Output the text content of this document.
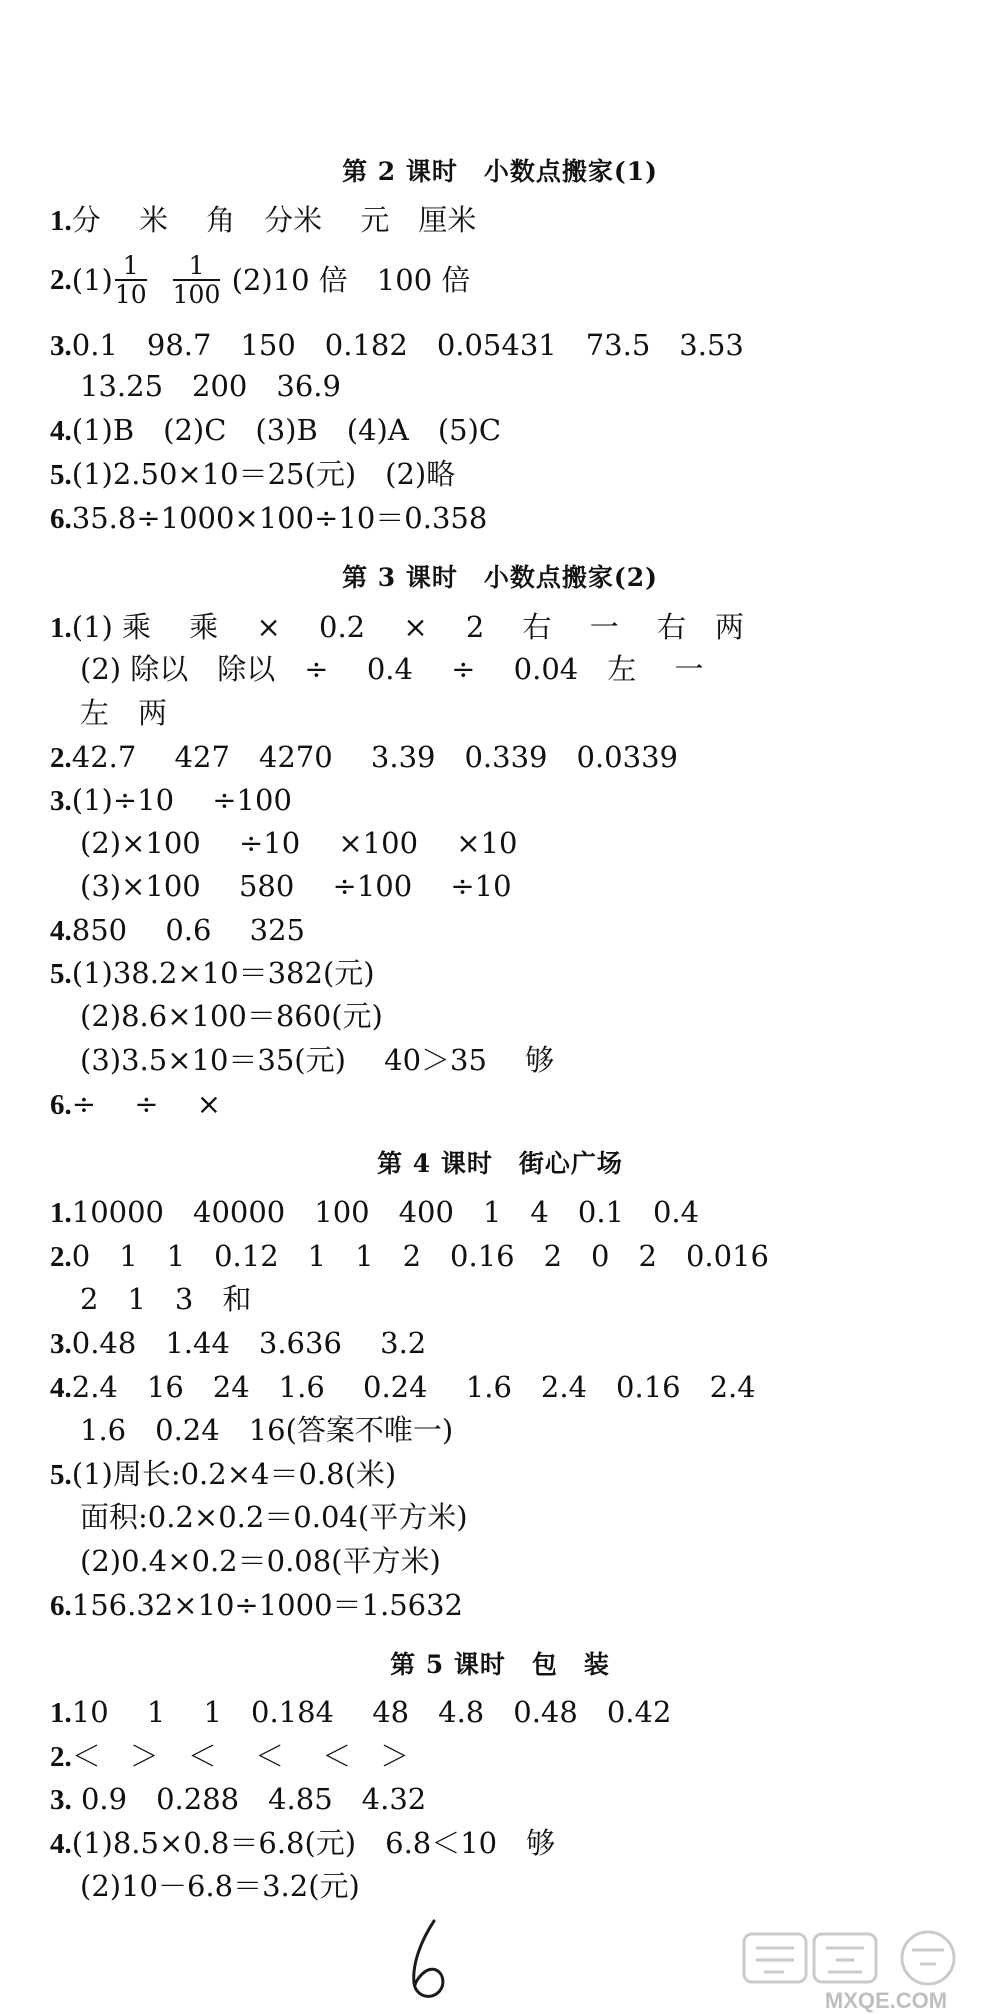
第 2 课时　小数点搬家(1)
1.分　 米　 角　分米　 元　厘米
2. $(1) \frac{1}{10} \frac{1}{100} (2)10$ 倍　100 倍
3.0.1　98.7　150　0.182　0.05431　73.5　3.53
13.25　200　36.9
4.(1)B　(2)C　(3)B　(4)A　(5)C
5.(1)2.50×10＝25(元)　(2)略
6.35.8÷1000×100÷10＝0.358
第 3 课时　小数点搬家(2)
1.(1) 乘　 乘　 ×　 0.2　 ×　 2　 右　 一　 右　两
(2) 除以　除以　÷　 0.4　 ÷　 0.04　左　 一
左　两
2.42.7　 427　4270　 3.39　0.339　0.0339
3.(1)÷10　 ÷100
(2)×100　 ÷10　 ×100　 ×10
(3)×100　 580　 ÷100　 ÷10
4.850　 0.6　 325
5.(1)38.2×10＝382(元)
(2)8.6×100＝860(元)
(3)3.5×10＝35(元)　 40＞35　 够
6.÷　 ÷　 ×
第 4 课时　街心广场
1.10000　40000　100　400　1　4　0.1　0.4
2.0　1　1　0.12　1　1　2　0.16　2　0　2　0.016
2　1　3　和
3.0.48　1.44　3.636　 3.2
4.2.4　16　24　1.6　 0.24　 1.6　2.4　0.16　2.4
1.6　0.24　16(答案不唯一)
5.(1)周长:0.2×4＝0.8(米)
面积:0.2×0.2＝0.04(平方米)
(2)0.4×0.2＝0.08(平方米)
6.156.32×10÷1000＝1.5632
第 5 课时　包　装
1.10　 1　 1　0.184　 48　4.8　0.48　0.42
2.＜　＞　＜　 ＜　 ＜　＞
3. 0.9　0.288　4.85　4.32
4.(1)8.5×0.8＝6.8(元)　6.8＜10　够
(2)10－6.8＝3.2(元)
MXQE.COM
